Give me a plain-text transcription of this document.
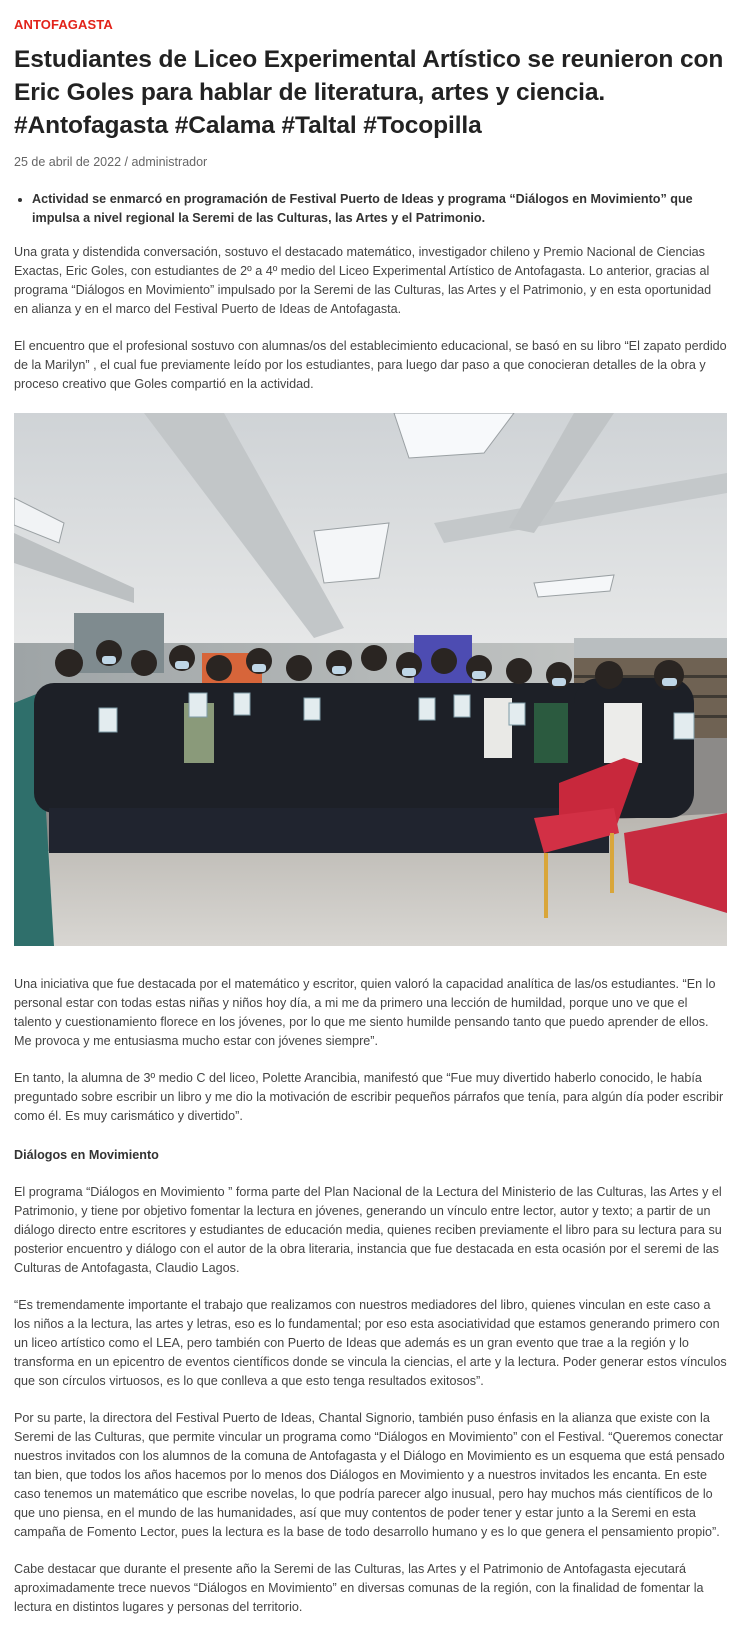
ANTOFAGASTA
Estudiantes de Liceo Experimental Artístico se reunieron con Eric Goles para hablar de literatura, artes y ciencia. #Antofagasta #Calama #Taltal #Tocopilla
25 de abril de 2022 / administrador
• Actividad se enmarcó en programación de Festival Puerto de Ideas y programa “Diálogos en Movimiento” que impulsa a nivel regional la Seremi de las Culturas, las Artes y el Patrimonio.

Una grata y distendida conversación, sostuvo el destacado matemático, investigador chileno y Premio Nacional de Ciencias Exactas, Eric Goles, con estudiantes de 2º a 4º medio del Liceo Experimental Artístico de Antofagasta. Lo anterior, gracias al programa “Diálogos en Movimiento” impulsado por la Seremi de las Culturas, las Artes y el Patrimonio, y en esta oportunidad en alianza y en el marco del Festival Puerto de Ideas de Antofagasta.

El encuentro que el profesional sostuvo con alumnas/os del establecimiento educacional, se basó en su libro “El zapato perdido de la Marilyn” , el cual fue previamente leído por los estudiantes, para luego dar paso a que conocieran detalles de la obra y proceso creativo que Goles compartió en la actividad.

Una iniciativa que fue destacada por el matemático y escritor, quien valoró la capacidad analítica de las/os estudiantes. “En lo personal estar con todas estas niñas y niños hoy día, a mi me da primero una lección de humildad, porque uno ve que el talento y cuestionamiento florece en los jóvenes, por lo que me siento humilde pensando tanto que puedo aprender de ellos. Me provoca y me entusiasma mucho estar con jóvenes siempre”.

En tanto, la alumna de 3º medio C del liceo, Polette Arancibia, manifestó que “Fue muy divertido haberlo conocido, le había preguntado sobre escribir un libro y me dio la motivación de escribir pequeños párrafos que tenía, para algún día poder escribir como él. Es muy carismático y divertido”.

Diálogos en Movimiento

El programa “Diálogos en Movimiento ” forma parte del Plan Nacional de la Lectura del Ministerio de las Culturas, las Artes y el Patrimonio, y tiene por objetivo fomentar la lectura en jóvenes, generando un vínculo entre lector, autor y texto; a partir de un diálogo directo entre escritores y estudiantes de educación media, quienes reciben previamente el libro para su lectura para su posterior encuentro y diálogo con el autor de la obra literaria, instancia que fue destacada en esta ocasión por el seremi de las Culturas de Antofagasta, Claudio Lagos.

“Es tremendamente importante el trabajo que realizamos con nuestros mediadores del libro, quienes vinculan en este caso a los niños a la lectura, las artes y letras, eso es lo fundamental; por eso esta asociatividad que estamos generando primero con un liceo artístico como el LEA, pero también con Puerto de Ideas que además es un gran evento que trae a la región y lo transforma en un epicentro de eventos científicos donde se vincula la ciencias, el arte y la lectura. Poder generar estos vínculos que son círculos virtuosos, es lo que conlleva a que esto tenga resultados exitosos”.

Por su parte, la directora del Festival Puerto de Ideas, Chantal Signorio, también puso énfasis en la alianza que existe con la Seremi de las Culturas, que permite vincular un programa como “Diálogos en Movimiento” con el Festival. “Queremos conectar nuestros invitados con los alumnos de la comuna de Antofagasta y el Diálogo en Movimiento es un esquema que está pensado tan bien, que todos los años hacemos por lo menos dos Diálogos en Movimiento y a nuestros invitados les encanta. En este caso tenemos un matemático que escribe novelas, lo que podría parecer algo inusual, pero hay muchos más científicos de lo que uno piensa, en el mundo de las humanidades, así que muy contentos de poder tener y estar junto a la Seremi en esta campaña de Fomento Lector, pues la lectura es la base de todo desarrollo humano y es lo que genera el pensamiento propio”.

Cabe destacar que durante el presente año la Seremi de las Culturas, las Artes y el Patrimonio de Antofagasta ejecutará aproximadamente trece nuevos “Diálogos en Movimiento” en diversas comunas de la región, con la finalidad de fomentar la lectura en distintos lugares y personas del territorio.
